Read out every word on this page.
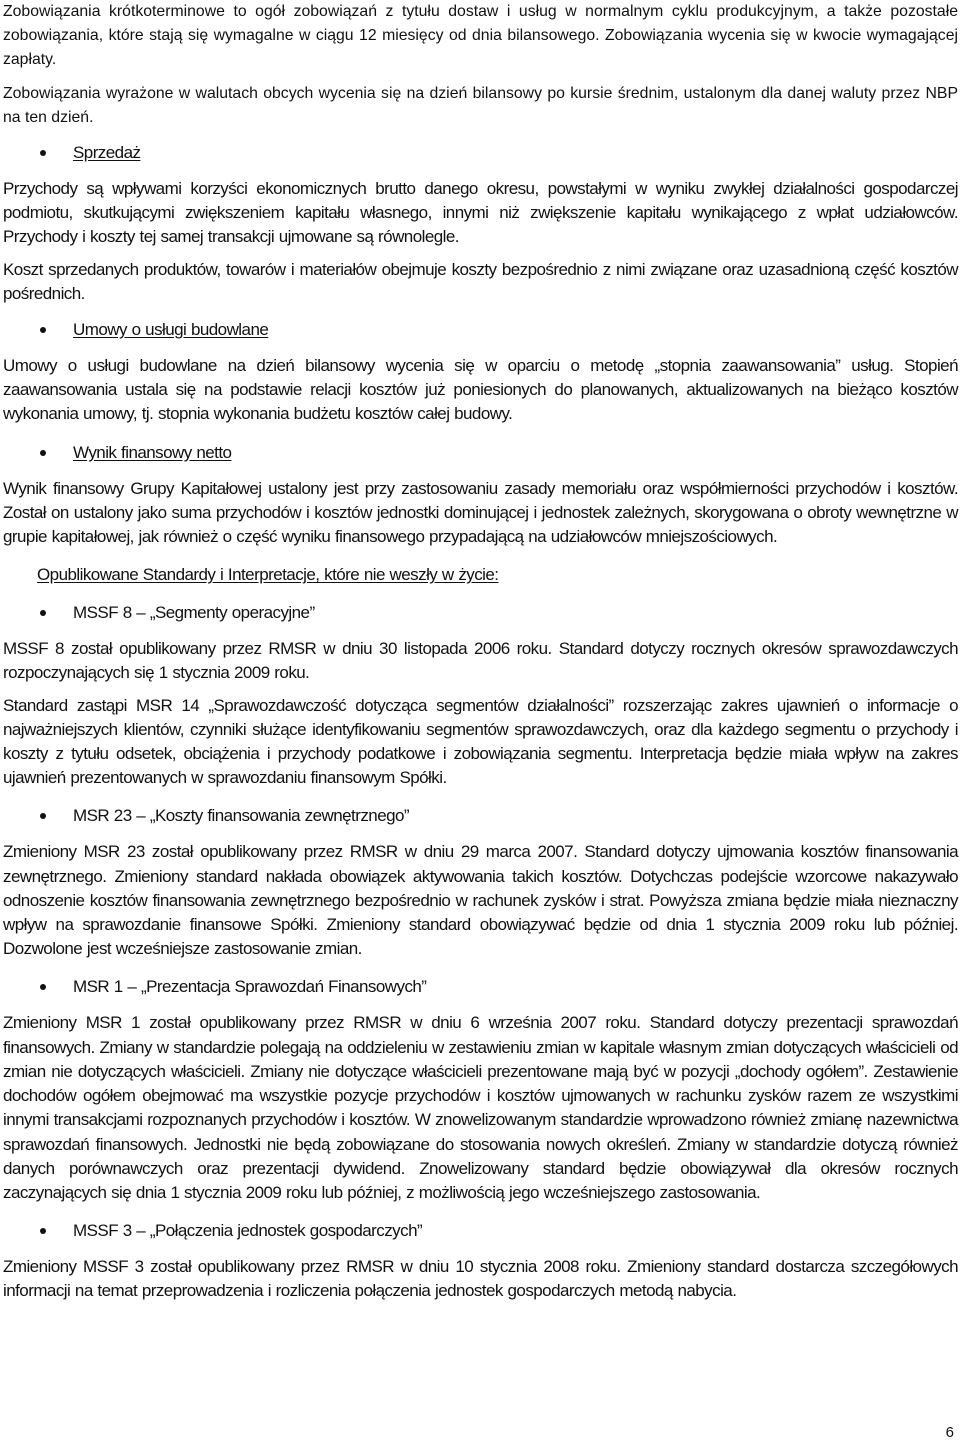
Zobowiązania krótkoterminowe to ogół zobowiązań z tytułu dostaw i usług w normalnym cyklu produkcyjnym, a także pozostałe zobowiązania, które stają się wymagalne w ciągu 12 miesięcy od dnia bilansowego. Zobowiązania wycenia się w kwocie wymagającej zapłaty.

Zobowiązania wyrażone w walutach obcych wycenia się na dzień bilansowy po kursie średnim, ustalonym dla danej waluty przez NBP na ten dzień.

Sprzedaż

Przychody są wpływami korzyści ekonomicznych brutto danego okresu, powstałymi w wyniku zwykłej działalności gospodarczej podmiotu, skutkującymi zwiększeniem kapitału własnego, innymi niż zwiększenie kapitału wynikającego z wpłat udziałowców. Przychody i koszty tej samej transakcji ujmowane są równolegle.

Koszt sprzedanych produktów, towarów i materiałów obejmuje koszty bezpośrednio z nimi związane oraz uzasadnioną część kosztów pośrednich.

Umowy o usługi budowlane

Umowy o usługi budowlane na dzień bilansowy wycenia się w oparciu o metodę „stopnia zaawansowania” usług. Stopień zaawansowania ustala się na podstawie relacji kosztów już poniesionych do planowanych, aktualizowanych na bieżąco kosztów wykonania umowy, tj. stopnia wykonania budżetu kosztów całej budowy.

Wynik finansowy netto

Wynik finansowy Grupy Kapitałowej ustalony jest przy zastosowaniu zasady memoriału oraz współmierności przychodów i kosztów. Został on ustalony jako suma przychodów i kosztów jednostki dominującej i jednostek zależnych, skorygowana o obroty wewnętrzne w grupie kapitałowej, jak również o część wyniku finansowego przypadającą na udziałowców mniejszościowych.

Opublikowane Standardy i Interpretacje, które nie weszły w życie:
MSSF 8 – „Segmenty operacyjne”

MSSF 8 został opublikowany przez RMSR w dniu 30 listopada 2006 roku. Standard dotyczy rocznych okresów sprawozdawczych rozpoczynających się 1 stycznia 2009 roku.

Standard zastąpi MSR 14 „Sprawozdawczość dotycząca segmentów działalności” rozszerzając zakres ujawnień o informacje o najważniejszych klientów, czynniki służące identyfikowaniu segmentów sprawozdawczych, oraz dla każdego segmentu o przychody i koszty z tytułu odsetek, obciążenia i przychody podatkowe i zobowiązania segmentu. Interpretacja będzie miała wpływ na zakres ujawnień prezentowanych w sprawozdaniu finansowym Spółki.

MSR 23 – „Koszty finansowania zewnętrznego”

Zmieniony MSR 23 został opublikowany przez RMSR w dniu 29 marca 2007. Standard dotyczy ujmowania kosztów finansowania zewnętrznego. Zmieniony standard nakłada obowiązek aktywowania takich kosztów. Dotychczas podejście wzorcowe nakazywało odnoszenie kosztów finansowania zewnętrznego bezpośrednio w rachunek zysków i strat. Powyższa zmiana będzie miała nieznaczny wpływ na sprawozdanie finansowe Spółki. Zmieniony standard obowiązywać będzie od dnia 1 stycznia 2009 roku lub później. Dozwolone jest wcześniejsze zastosowanie zmian.

MSR 1 – „Prezentacja Sprawozdań Finansowych”

Zmieniony MSR 1 został opublikowany przez RMSR w dniu 6 września 2007 roku. Standard dotyczy prezentacji sprawozdań finansowych. Zmiany w standardzie polegają na oddzieleniu w zestawieniu zmian w kapitale własnym zmian dotyczących właścicieli od zmian nie dotyczących właścicieli. Zmiany nie dotyczące właścicieli prezentowane mają być w pozycji „dochody ogółem”. Zestawienie dochodów ogółem obejmować ma wszystkie pozycje przychodów i kosztów ujmowanych w rachunku zysków razem ze wszystkimi innymi transakcjami rozpoznanych przychodów i kosztów. W znowelizowanym standardzie wprowadzono również zmianę nazewnictwa sprawozdań finansowych. Jednostki nie będą zobowiązane do stosowania nowych określeń. Zmiany w standardzie dotyczą również danych porównawczych oraz prezentacji dywidend. Znowelizowany standard będzie obowiązywał dla okresów rocznych zaczynających się dnia 1 stycznia 2009 roku lub później, z możliwością jego wcześniejszego zastosowania.

MSSF 3 – „Połączenia jednostek gospodarczych”

Zmieniony MSSF 3 został opublikowany przez RMSR w dniu 10 stycznia 2008 roku. Zmieniony standard dostarcza szczegółowych informacji na temat przeprowadzenia i rozliczenia połączenia jednostek gospodarczych metodą nabycia.

6
